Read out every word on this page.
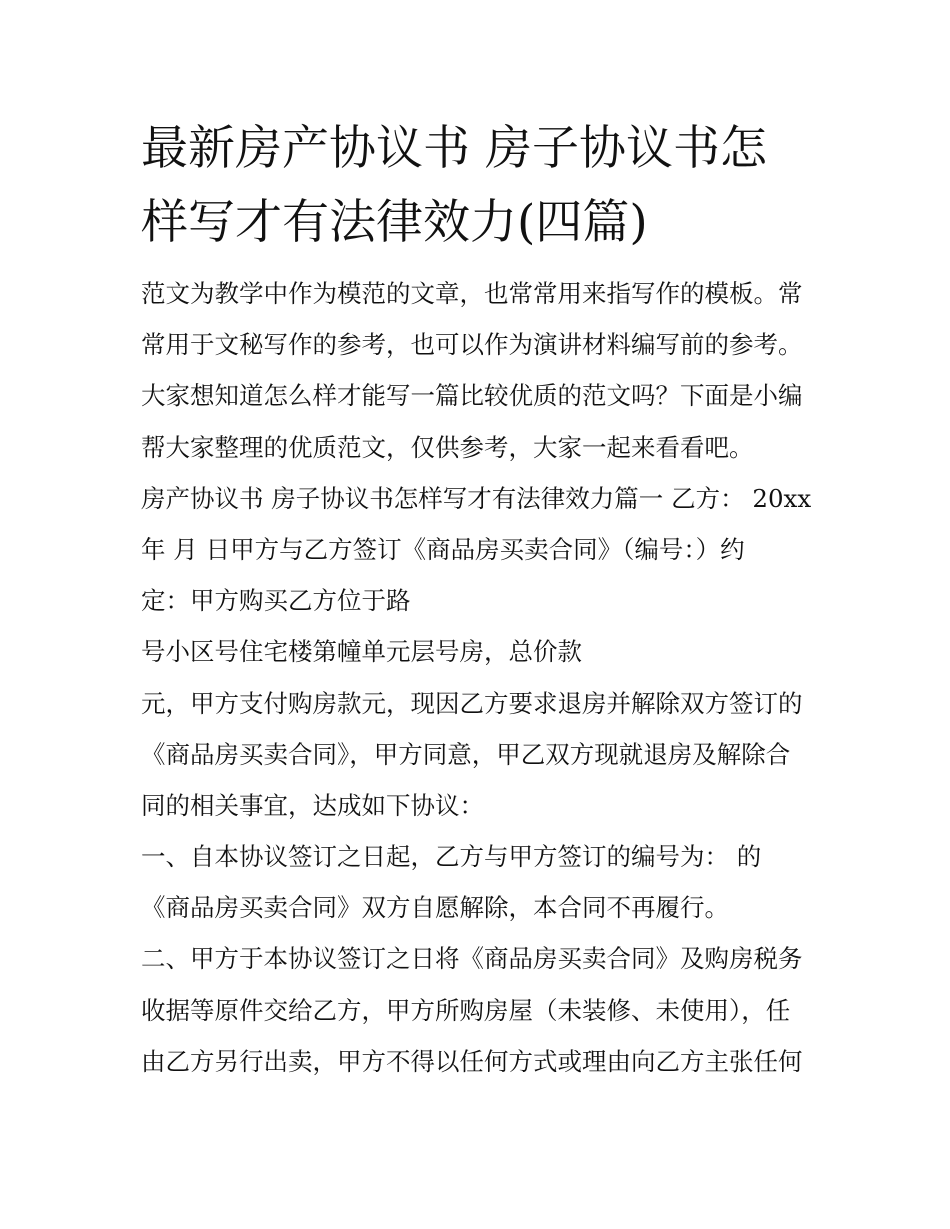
最新房产协议书 房子协议书怎
样写才有法律效力(四篇)
范文为教学中作为模范的文章，也常常用来指写作的模板。常
常用于文秘写作的参考，也可以作为演讲材料编写前的参考。
大家想知道怎么样才能写一篇比较优质的范文吗？下面是小编
帮大家整理的优质范文，仅供参考，大家一起来看看吧。
房产协议书 房子协议书怎样写才有法律效力篇一 乙方： 20xx
年 月 日甲方与乙方签订《商品房买卖合同》（编号：）约
定：甲方购买乙方位于路
号小区号住宅楼第幢单元层号房，总价款
元，甲方支付购房款元，现因乙方要求退房并解除双方签订的
《商品房买卖合同》，甲方同意，甲乙双方现就退房及解除合
同的相关事宜，达成如下协议：
一、自本协议签订之日起，乙方与甲方签订的编号为： 的
《商品房买卖合同》双方自愿解除，本合同不再履行。
二、甲方于本协议签订之日将《商品房买卖合同》及购房税务
收据等原件交给乙方，甲方所购房屋（未装修、未使用），任
由乙方另行出卖，甲方不得以任何方式或理由向乙方主张任何
